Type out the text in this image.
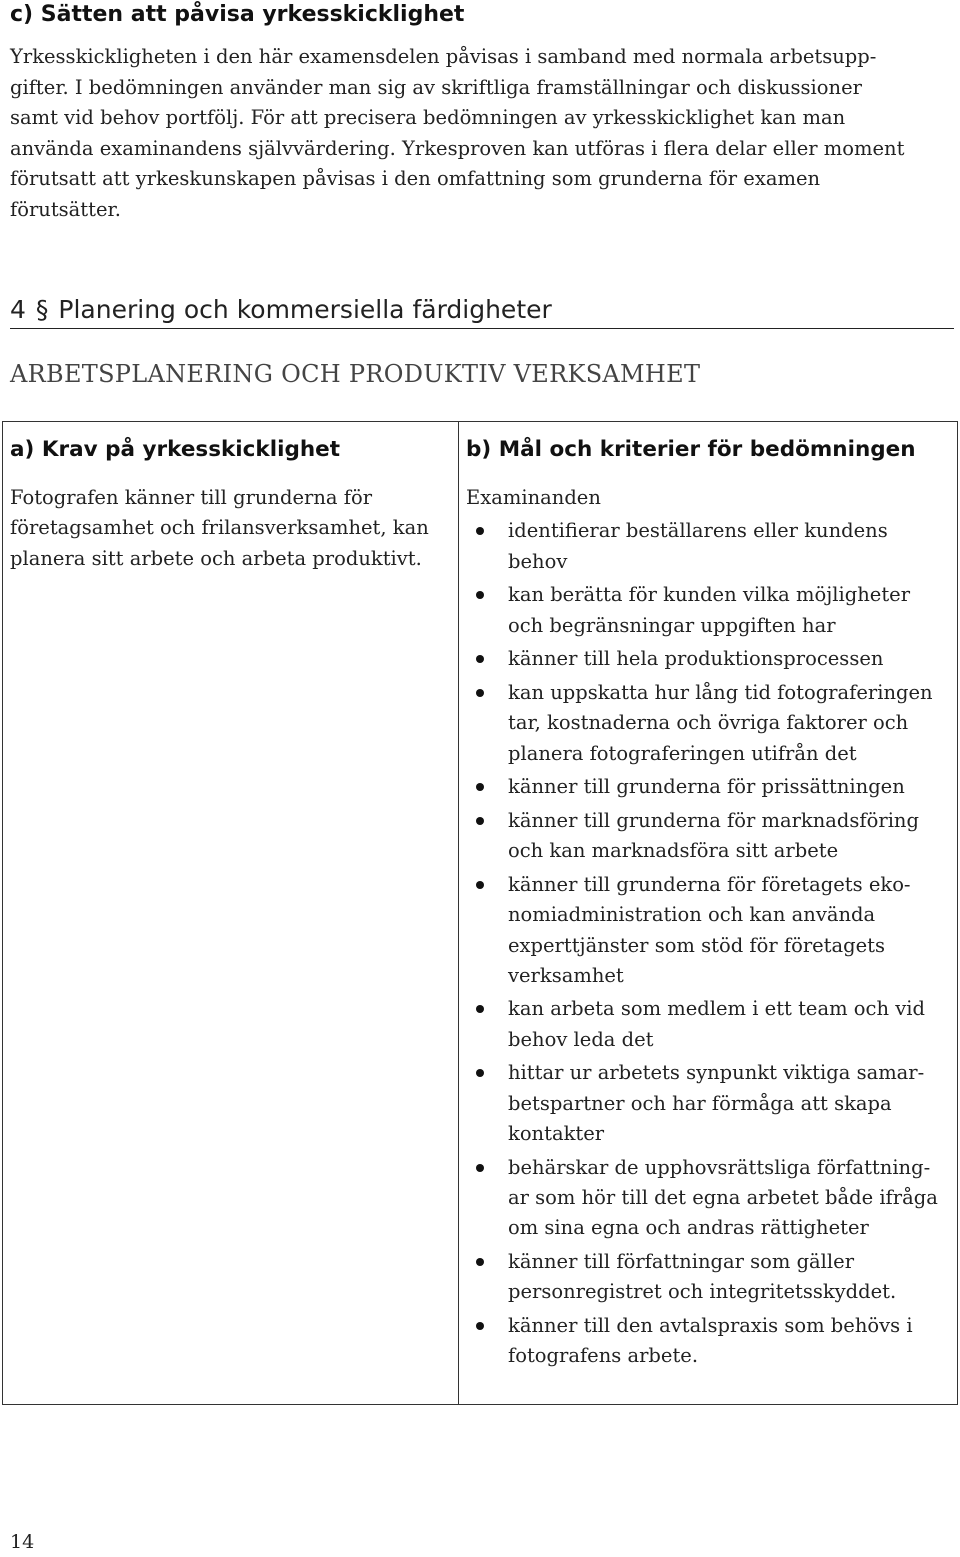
c) Sätten att påvisa yrkesskicklighet

Yrkesskickligheten i den här examensdelen påvisas i samband med normala arbetsupp-
gifter. I bedömningen använder man sig av skriftliga framställningar och diskussioner
samt vid behov portfölj. För att precisera bedömningen av yrkesskicklighet kan man
använda examinandens självvärdering. Yrkesproven kan utföras i flera delar eller moment
förutsatt att yrkeskunskapen påvisas i den omfattning som grunderna för examen
förutsätter.

4 § Planering och kommersiella färdigheter
ARBETSPLANERING OCH PRODUKTIV VERKSAMHET
a) Krav på yrkesskicklighet
Fotografen känner till grunderna för
företagsamhet och frilansverksamhet, kan
planera sitt arbete och arbeta produktivt.
b) Mål och kriterier för bedömningen
Examinanden
identifierar beställarens eller kundens
behov
kan berätta för kunden vilka möjligheter
och begränsningar uppgiften har
känner till hela produktionsprocessen
kan uppskatta hur lång tid fotograferingen
tar, kostnaderna och övriga faktorer och
planera fotograferingen utifrån det
känner till grunderna för prissättningen
känner till grunderna för marknadsföring
och kan marknadsföra sitt arbete
känner till grunderna för företagets eko-
nomiadministration och kan använda
experttjänster som stöd för företagets
verksamhet
kan arbeta som medlem i ett team och vid
behov leda det
hittar ur arbetets synpunkt viktiga samar-
betspartner och har förmåga att skapa
kontakter
behärskar de upphovsrättsliga författning-
ar som hör till det egna arbetet både ifråga
om sina egna och andras rättigheter
känner till författningar som gäller
personregistret och integritetsskyddet.
känner till den avtalspraxis som behövs i
fotografens arbete.
14
